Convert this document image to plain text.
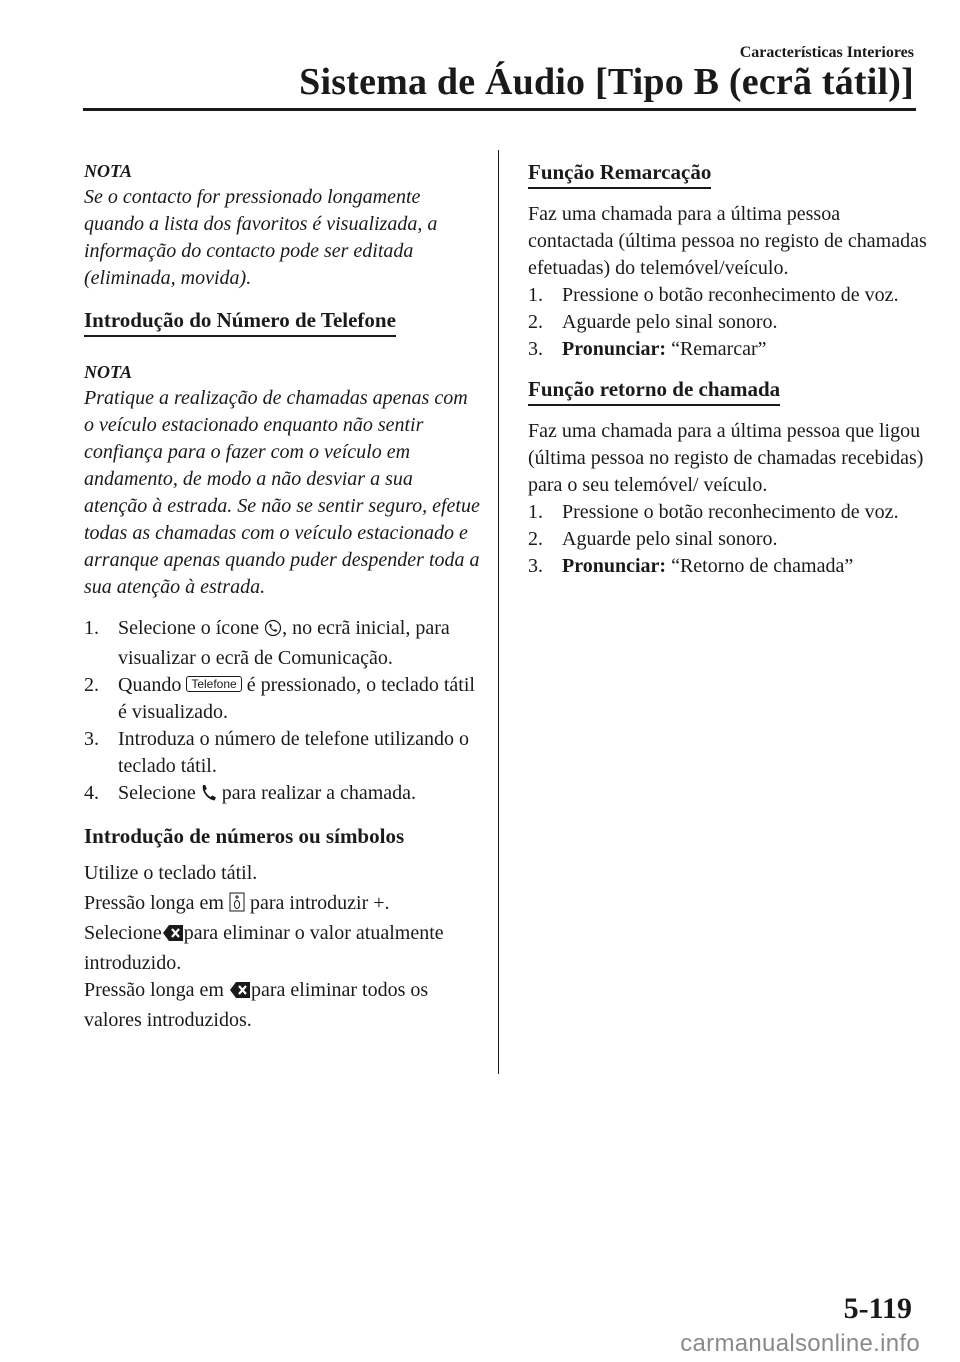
Características Interiores
Sistema de Áudio [Tipo B (ecrã tátil)]
NOTA

Se o contacto for pressionado longamente quando a lista dos favoritos é visualizada, a informação do contacto pode ser editada (eliminada, movida).

Introdução do Número de Telefone
NOTA

Pratique a realização de chamadas apenas com o veículo estacionado enquanto não sentir confiança para o fazer com o veículo em andamento, de modo a não desviar a sua atenção à estrada. Se não se sentir seguro, efetue todas as chamadas com o veículo estacionado e arranque apenas quando puder despender toda a sua atenção à estrada.

1. Selecione o ícone , no ecrã inicial, para visualizar o ecrã de Comunicação.
2. Quando Telefone é pressionado, o teclado tátil é visualizado.
3. Introduza o número de telefone utilizando o teclado tátil.
4. Selecione para realizar a chamada.
Introdução de números ou símbolos

Utilize o teclado tátil.

Pressão longa em para introduzir +.

Selecione para eliminar o valor atualmente introduzido.

Pressão longa em para eliminar todos os valores introduzidos.

Função Remarcação

Faz uma chamada para a última pessoa contactada (última pessoa no registo de chamadas efetuadas) do telemóvel/veículo.

1. Pressione o botão reconhecimento de voz.
2. Aguarde pelo sinal sonoro.
3. Pronunciar: “Remarcar”
Função retorno de chamada

Faz uma chamada para a última pessoa que ligou (última pessoa no registo de chamadas recebidas) para o seu telemóvel/ veículo.

1. Pressione o botão reconhecimento de voz.
2. Aguarde pelo sinal sonoro.
3. Pronunciar: “Retorno de chamada”
5-119
carmanualsonline.info
